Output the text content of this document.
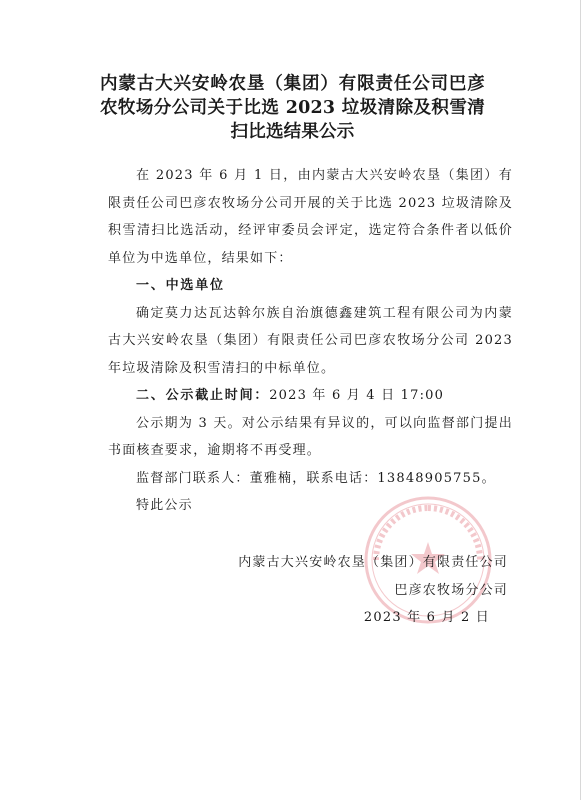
内蒙古大兴安岭农垦（集团）有限责任公司巴彦农牧场分公司关于比选 2023 垃圾清除及积雪清扫比选结果公示

在 2023 年 6 月 1 日，由内蒙古大兴安岭农垦（集团）有限责任公司巴彦农牧场分公司开展的关于比选 2023 垃圾清除及积雪清扫比选活动，经评审委员会评定，选定符合条件者以低价单位为中选单位，结果如下：

一、中选单位

确定莫力达瓦达斡尔族自治旗德鑫建筑工程有限公司为内蒙古大兴安岭农垦（集团）有限责任公司巴彦农牧场分公司 2023 年垃圾清除及积雪清扫的中标单位。

二、公示截止时间：2023 年 6 月 4 日 17:00

公示期为 3 天。对公示结果有异议的，可以向监督部门提出书面核查要求，逾期将不再受理。

监督部门联系人：董雅楠，联系电话：13848905755。

特此公示

内蒙古大兴安岭农垦（集团）有限责任公司
巴彦农牧场分公司
2023 年 6 月 2 日
